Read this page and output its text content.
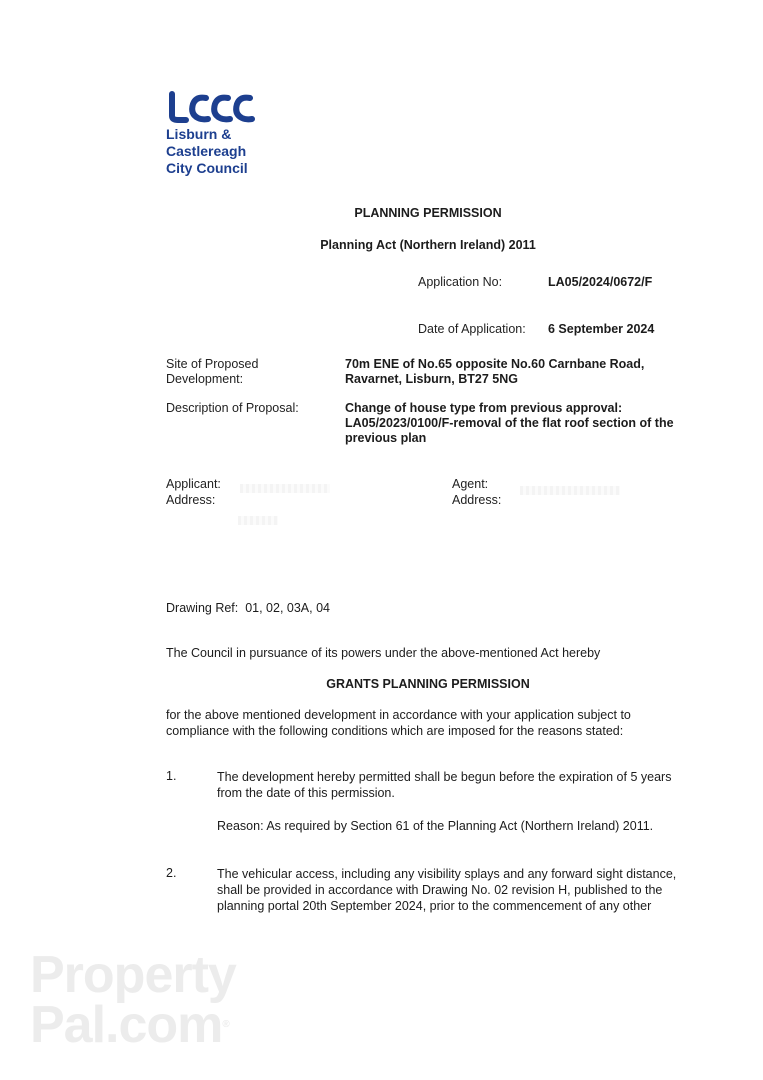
Lisburn &
Castlereagh
City Council
PLANNING PERMISSION
Planning Act (Northern Ireland) 2011
Application No:	LA05/2024/0672/F
Date of Application: 6 September 2024
Site of Proposed
Development:
70m ENE of No.65 opposite No.60 Carnbane Road,
Ravarnet, Lisburn, BT27 5NG
Description of Proposal:	Change of house type from previous approval:
LA05/2023/0100/F-removal of the flat roof section of the
previous plan
Applicant:
Address:
Agent:
Address:
Drawing Ref: 01, 02, 03A, 04
The Council in pursuance of its powers under the above-mentioned Act hereby
GRANTS PLANNING PERMISSION
for the above mentioned development in accordance with your application subject to
compliance with the following conditions which are imposed for the reasons stated:
1.	The development hereby permitted shall be begun before the expiration of 5 years
from the date of this permission.
Reason: As required by Section 61 of the Planning Act (Northern Ireland) 2011.
2.	The vehicular access, including any visibility splays and any forward sight distance,
shall be provided in accordance with Drawing No. 02 revision H, published to the
planning portal 20th September 2024, prior to the commencement of any other
Property
Pal.com®
